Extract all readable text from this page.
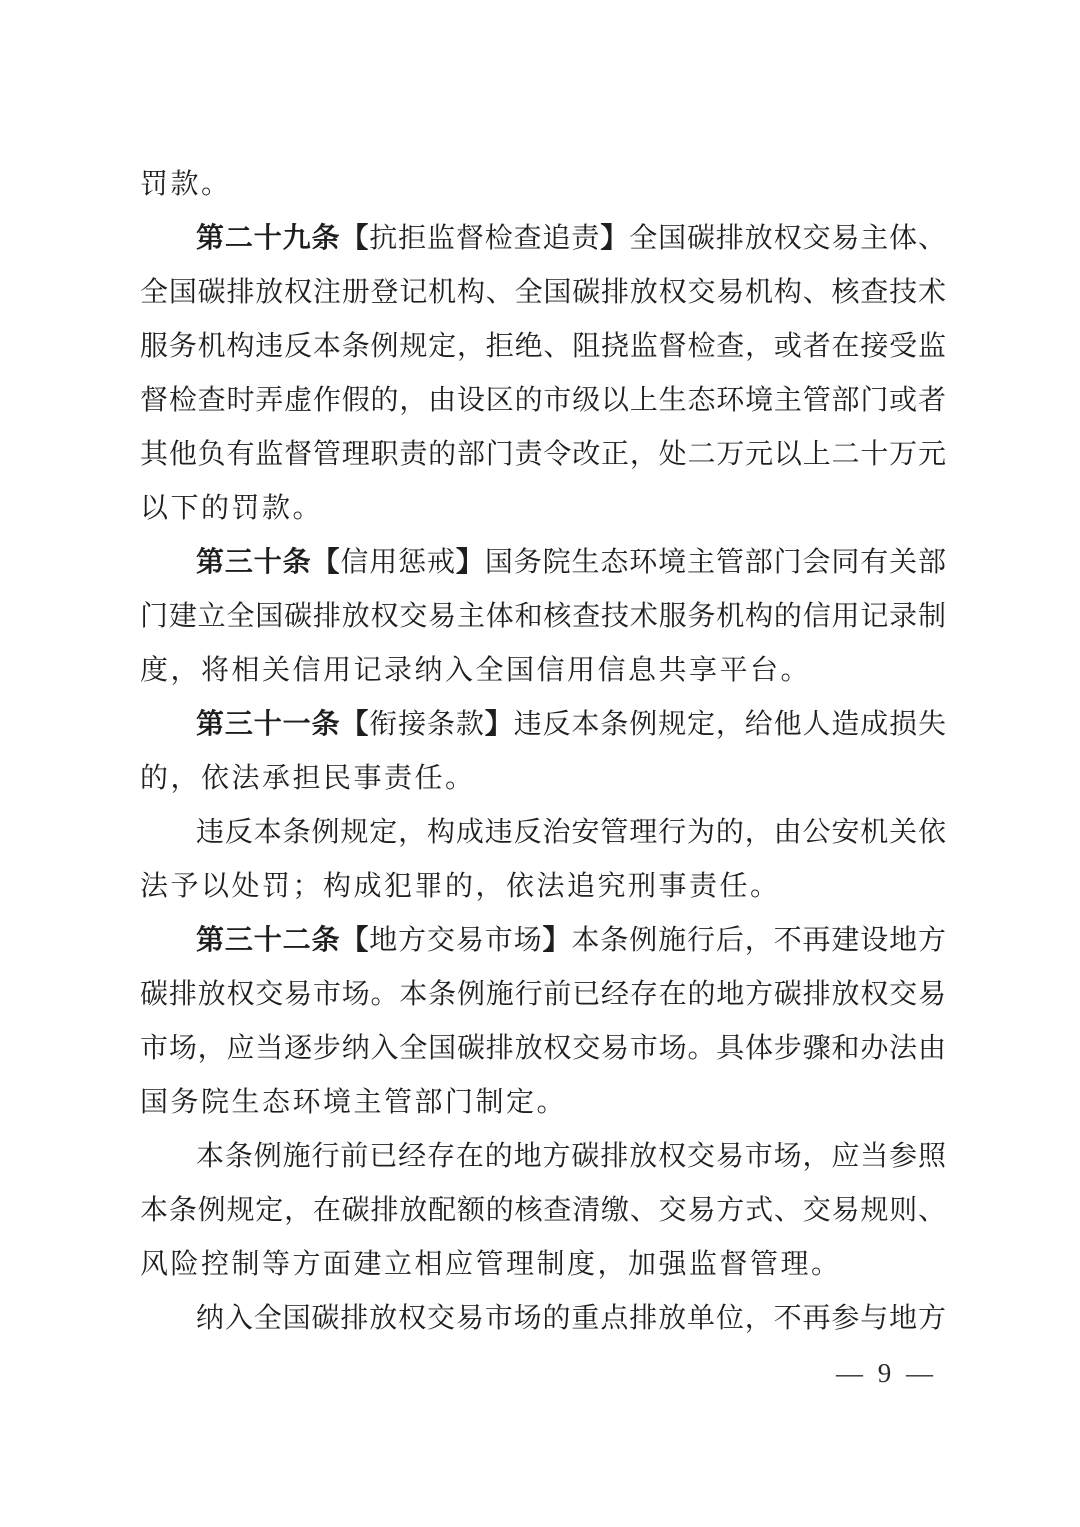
罚款。
第二十九条【抗拒监督检查追责】全国碳排放权交易主体、
全国碳排放权注册登记机构、全国碳排放权交易机构、核查技术
服务机构违反本条例规定，拒绝、阻挠监督检查，或者在接受监
督检查时弄虚作假的，由设区的市级以上生态环境主管部门或者
其他负有监督管理职责的部门责令改正，处二万元以上二十万元
以下的罚款。
第三十条【信用惩戒】国务院生态环境主管部门会同有关部
门建立全国碳排放权交易主体和核查技术服务机构的信用记录制
度，将相关信用记录纳入全国信用信息共享平台。
第三十一条【衔接条款】违反本条例规定，给他人造成损失
的，依法承担民事责任。
违反本条例规定，构成违反治安管理行为的，由公安机关依
法予以处罚；构成犯罪的，依法追究刑事责任。
第三十二条【地方交易市场】本条例施行后，不再建设地方
碳排放权交易市场。本条例施行前已经存在的地方碳排放权交易
市场，应当逐步纳入全国碳排放权交易市场。具体步骤和办法由
国务院生态环境主管部门制定。
本条例施行前已经存在的地方碳排放权交易市场，应当参照
本条例规定，在碳排放配额的核查清缴、交易方式、交易规则、
风险控制等方面建立相应管理制度，加强监督管理。
纳入全国碳排放权交易市场的重点排放单位，不再参与地方
— 9 —
